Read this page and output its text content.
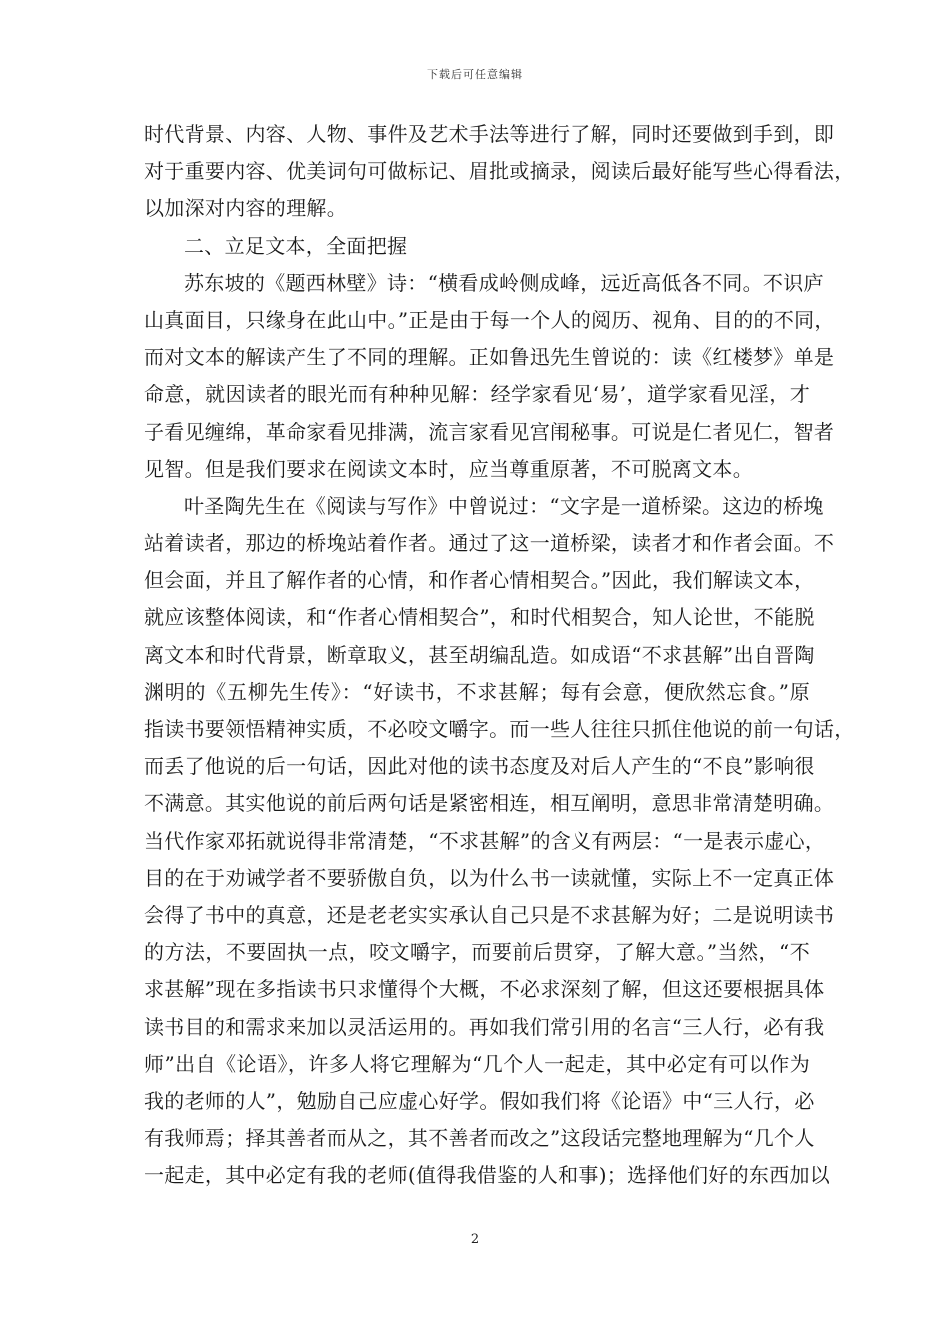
下载后可任意编辑
时代背景、内容、人物、事件及艺术手法等进行了解，同时还要做到手到，即
对于重要内容、优美词句可做标记、眉批或摘录，阅读后最好能写些心得看法，
以加深对内容的理解。
二、立足文本，全面把握
苏东坡的《题西林壁》诗：“横看成岭侧成峰，远近高低各不同。不识庐
山真面目，只缘身在此山中。”正是由于每一个人的阅历、视角、目的的不同，
而对文本的解读产生了不同的理解。正如鲁迅先生曾说的：读《红楼梦》单是
命意，就因读者的眼光而有种种见解：经学家看见‘易’，道学家看见淫，才
子看见缠绵，革命家看见排满，流言家看见宫闱秘事。可说是仁者见仁，智者
见智。但是我们要求在阅读文本时，应当尊重原著，不可脱离文本。
叶圣陶先生在《阅读与写作》中曾说过：“文字是一道桥梁。这边的桥堍
站着读者，那边的桥堍站着作者。通过了这一道桥梁，读者才和作者会面。不
但会面，并且了解作者的心情，和作者心情相契合。”因此，我们解读文本，
就应该整体阅读，和“作者心情相契合”，和时代相契合，知人论世，不能脱
离文本和时代背景，断章取义，甚至胡编乱造。如成语“不求甚解”出自晋陶
渊明的《五柳先生传》：“好读书，不求甚解；每有会意，便欣然忘食。”原
指读书要领悟精神实质，不必咬文嚼字。而一些人往往只抓住他说的前一句话，
而丢了他说的后一句话，因此对他的读书态度及对后人产生的“不良”影响很
不满意。其实他说的前后两句话是紧密相连，相互阐明，意思非常清楚明确。
当代作家邓拓就说得非常清楚，“不求甚解”的含义有两层：“一是表示虚心，
目的在于劝诫学者不要骄傲自负，以为什么书一读就懂，实际上不一定真正体
会得了书中的真意，还是老老实实承认自己只是不求甚解为好；二是说明读书
的方法，不要固执一点，咬文嚼字，而要前后贯穿，了解大意。”当然，“不
求甚解”现在多指读书只求懂得个大概，不必求深刻了解，但这还要根据具体
读书目的和需求来加以灵活运用的。再如我们常引用的名言“三人行，必有我
师”出自《论语》，许多人将它理解为“几个人一起走，其中必定有可以作为
我的老师的人”，勉励自己应虚心好学。假如我们将《论语》中“三人行，必
有我师焉；择其善者而从之，其不善者而改之”这段话完整地理解为“几个人
一起走，其中必定有我的老师(值得我借鉴的人和事)；选择他们好的东西加以
2
